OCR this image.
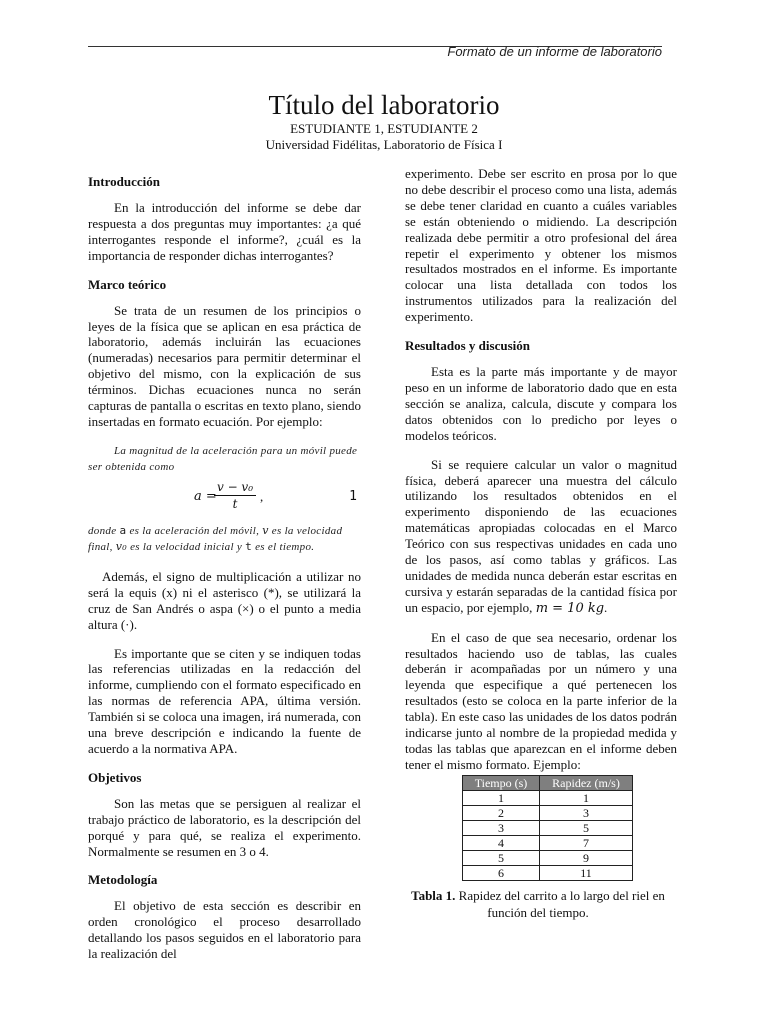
Formato de un informe de laboratorio
Título del laboratorio
ESTUDIANTE 1, ESTUDIANTE 2
Universidad Fidélitas, Laboratorio de Física I
Introducción

En la introducción del informe se debe dar respuesta a dos preguntas muy importantes: ¿a qué interrogantes responde el informe?, ¿cuál es la importancia de responder dichas interrogantes?

Marco teórico

Se trata de un resumen de los principios o leyes de la física que se aplican en esa práctica de laboratorio, además incluirán las ecuaciones (numeradas) necesarios para permitir determinar el objetivo del mismo, con la explicación de sus términos. Dichas ecuaciones nunca no serán capturas de pantalla o escritas en texto plano, siendo insertadas en formato ecuación. Por ejemplo:

La magnitud de la aceleración para un móvil puede ser obtenida como
a =
$\frac{\text{v − v₀}}{t}$ ,	1
donde a es la aceleración del móvil, v es la velocidad final, v₀ es la velocidad inicial y t es el tiempo.

Además, el signo de multiplicación a utilizar no será la equis (x) ni el asterisco (*), se utilizará la cruz de San Andrés o aspa (×) o el punto a media altura (·).

Es importante que se citen y se indiquen todas las referencias utilizadas en la redacción del informe, cumpliendo con el formato especificado en las normas de referencia APA, última versión. También si se coloca una imagen, irá numerada, con una breve descripción e indicando la fuente de acuerdo a la normativa APA.

Objetivos

Son las metas que se persiguen al realizar el trabajo práctico de laboratorio, es la descripción del porqué y para qué, se realiza el experimento. Normalmente se resumen en 3 o 4.

Metodología

El objetivo de esta sección es describir en orden cronológico el proceso desarrollado detallando los pasos seguidos en el laboratorio para la realización del

experimento. Debe ser escrito en prosa por lo que no debe describir el proceso como una lista, además se debe tener claridad en cuanto a cuáles variables se están obteniendo o midiendo. La descripción realizada debe permitir a otro profesional del área repetir el experimento y obtener los mismos resultados mostrados en el informe. Es importante colocar una lista detallada con todos los instrumentos utilizados para la realización del experimento.

Resultados y discusión

Esta es la parte más importante y de mayor peso en un informe de laboratorio dado que en esta sección se analiza, calcula, discute y compara los datos obtenidos con lo predicho por leyes o modelos teóricos.

Si se requiere calcular un valor o magnitud física, deberá aparecer una muestra del cálculo utilizando los resultados obtenidos en el experimento disponiendo de las ecuaciones matemáticas apropiadas colocadas en el Marco Teórico con sus respectivas unidades en cada uno de los pasos, así como tablas y gráficos. Las unidades de medida nunca deberán estar escritas en cursiva y estarán separadas de la cantidad física por un espacio, por ejemplo, m = 10 kg.

En el caso de que sea necesario, ordenar los resultados haciendo uso de tablas, las cuales deberán ir acompañadas por un número y una leyenda que especifique a qué pertenecen los resultados (esto se coloca en la parte inferior de la tabla). En este caso las unidades de los datos podrán indicarse junto al nombre de la propiedad medida y todas las tablas que aparezcan en el informe deben tener el mismo formato. Ejemplo:

Tiempo (s)	Rapidez (m/s)
1	1
2	3
3	5
4	7
5	9
6	11
Tabla 1. Rapidez del carrito a lo largo del riel en función del tiempo.
